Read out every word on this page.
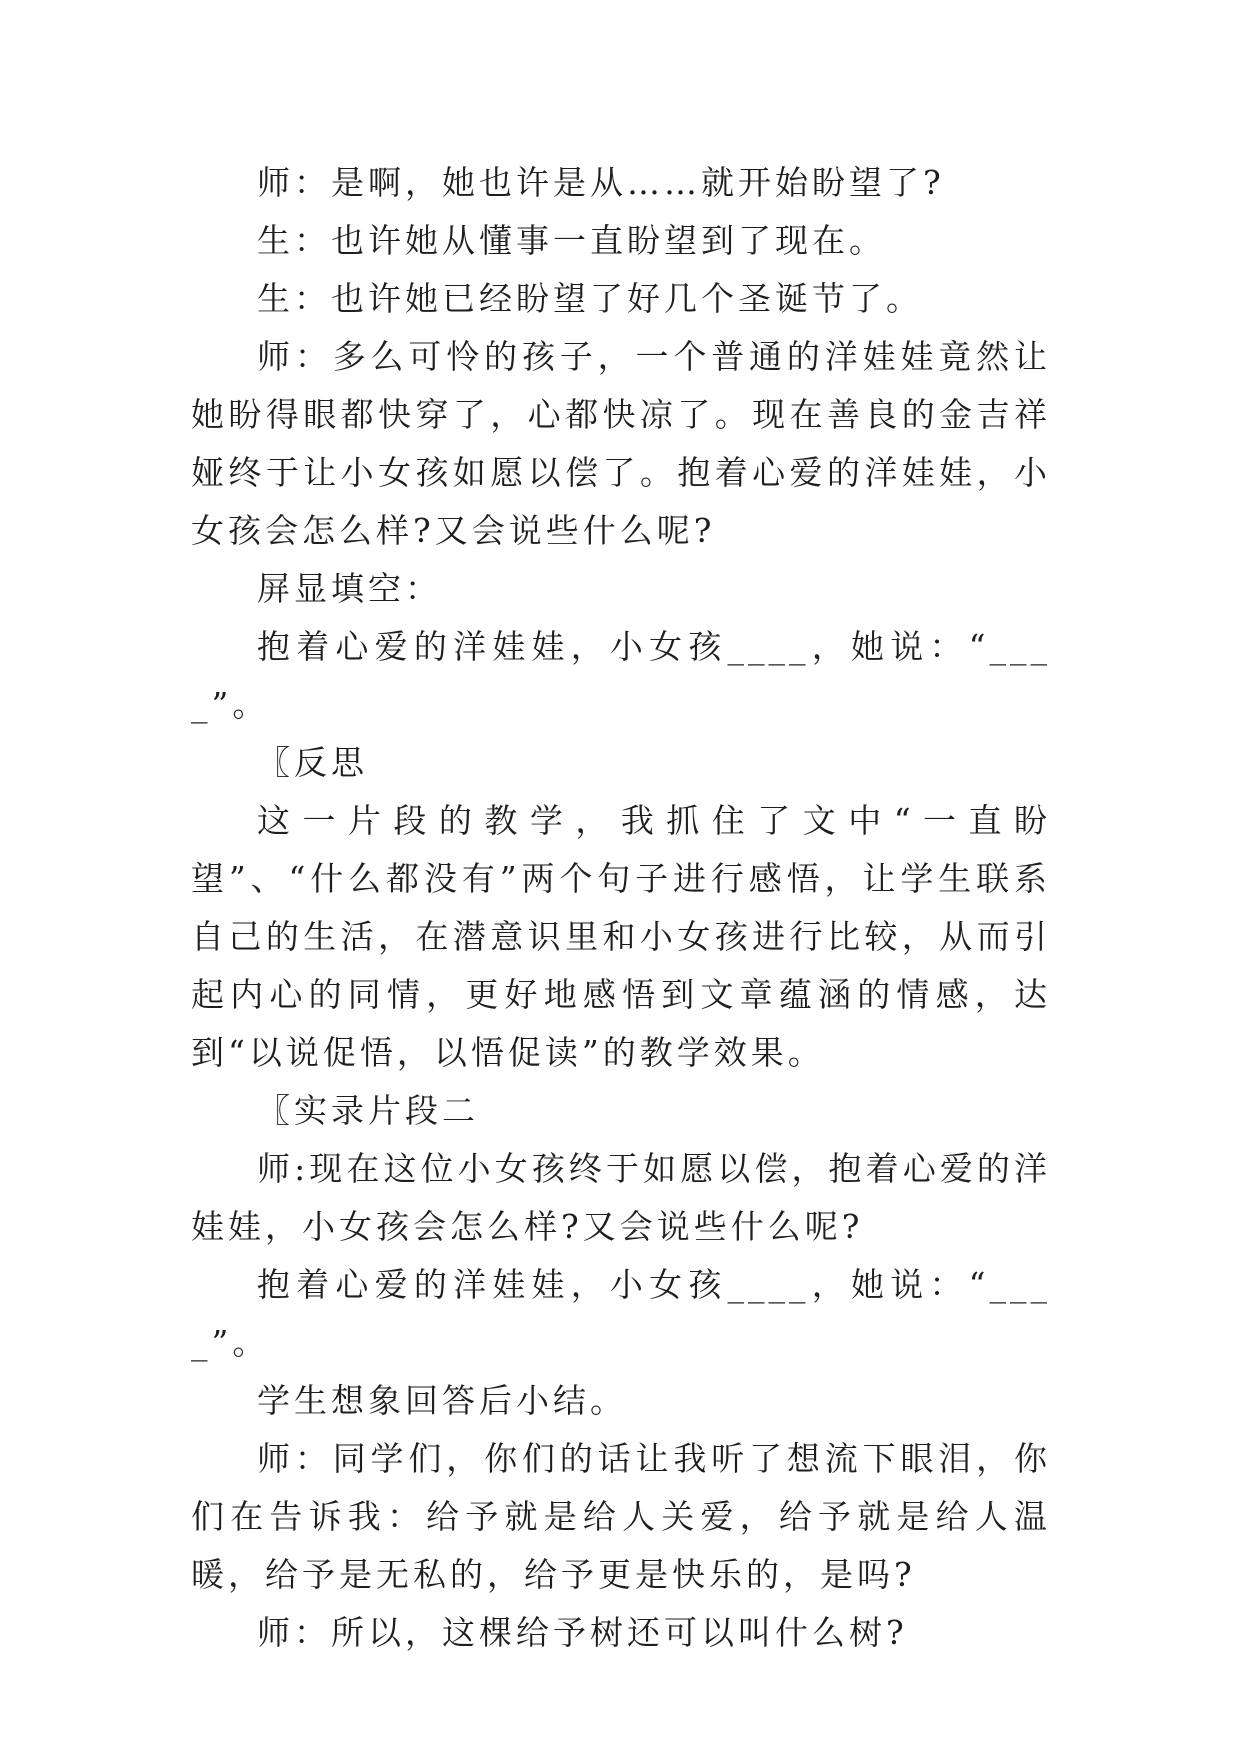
师：是啊，她也许是从……就开始盼望了?

生：也许她从懂事一直盼望到了现在。

生：也许她已经盼望了好几个圣诞节了。

师：多么可怜的孩子，一个普通的洋娃娃竟然让她盼得眼都快穿了，心都快凉了。现在善良的金吉祥娅终于让小女孩如愿以偿了。抱着心爱的洋娃娃，小女孩会怎么样?又会说些什么呢?

屏显填空：

抱着心爱的洋娃娃，小女孩____，她说：“____”。

〖反思

这一片段的教学，我抓住了文中“一直盼望”、“什么都没有”两个句子进行感悟，让学生联系自己的生活，在潜意识里和小女孩进行比较，从而引起内心的同情，更好地感悟到文章蕴涵的情感，达到“以说促悟，以悟促读”的教学效果。

〖实录片段二

师:现在这位小女孩终于如愿以偿，抱着心爱的洋娃娃，小女孩会怎么样?又会说些什么呢?

抱着心爱的洋娃娃，小女孩____，她说：“____”。

学生想象回答后小结。

师：同学们，你们的话让我听了想流下眼泪，你们在告诉我：给予就是给人关爱，给予就是给人温暖，给予是无私的，给予更是快乐的，是吗?

师：所以，这棵给予树还可以叫什么树?
